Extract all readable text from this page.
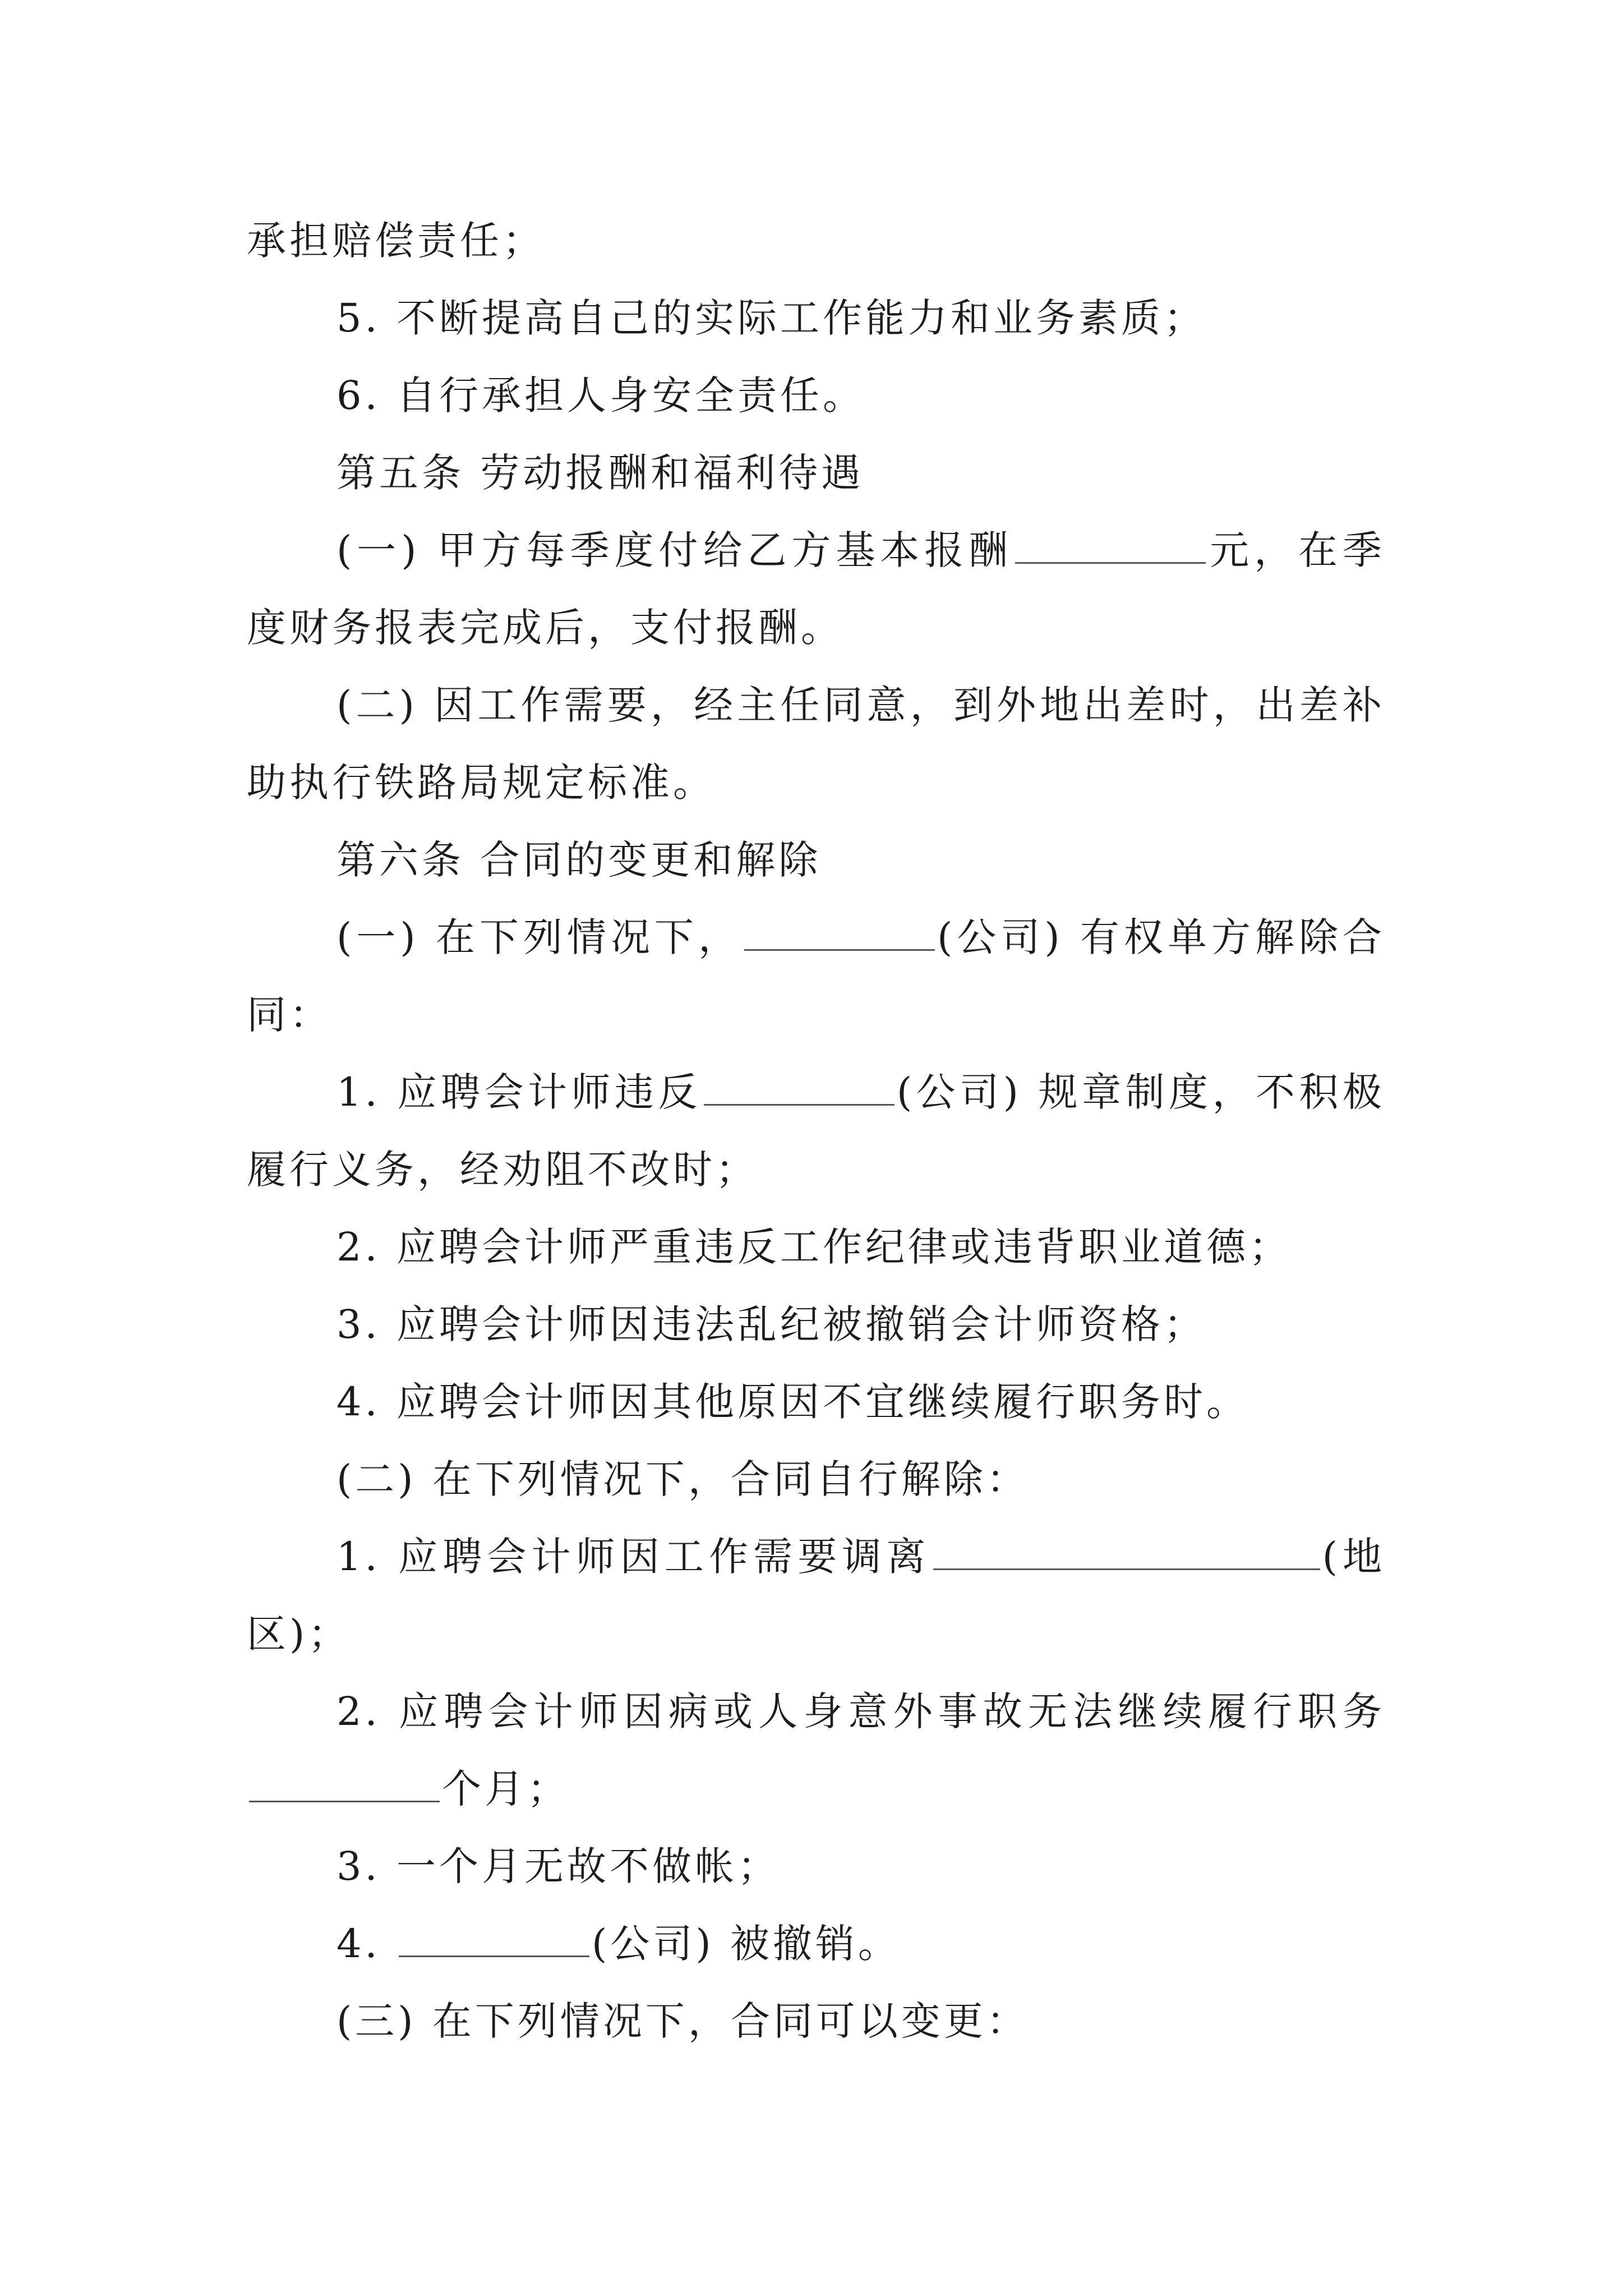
承担赔偿责任；

5. 不断提高自己的实际工作能力和业务素质；

6. 自行承担人身安全责任。

第五条 劳动报酬和福利待遇

(一) 甲方每季度付给乙方基本报酬	元，在季度财务报表完成后，支付报酬。

(二) 因工作需要，经主任同意，到外地出差时，出差补助执行铁路局规定标准。

第六条 合同的变更和解除

(一) 在下列情况下，	(公司) 有权单方解除合同：

1. 应聘会计师违反	(公司) 规章制度，不积极履行义务，经劝阻不改时；

2. 应聘会计师严重违反工作纪律或违背职业道德；

3. 应聘会计师因违法乱纪被撤销会计师资格；

4. 应聘会计师因其他原因不宜继续履行职务时。

(二) 在下列情况下，合同自行解除：

1. 应聘会计师因工作需要调离	(地区)；

2. 应聘会计师因病或人身意外事故无法继续履行职务个月；

3. 一个月无故不做帐；

4.	(公司) 被撤销。

(三) 在下列情况下，合同可以变更：
